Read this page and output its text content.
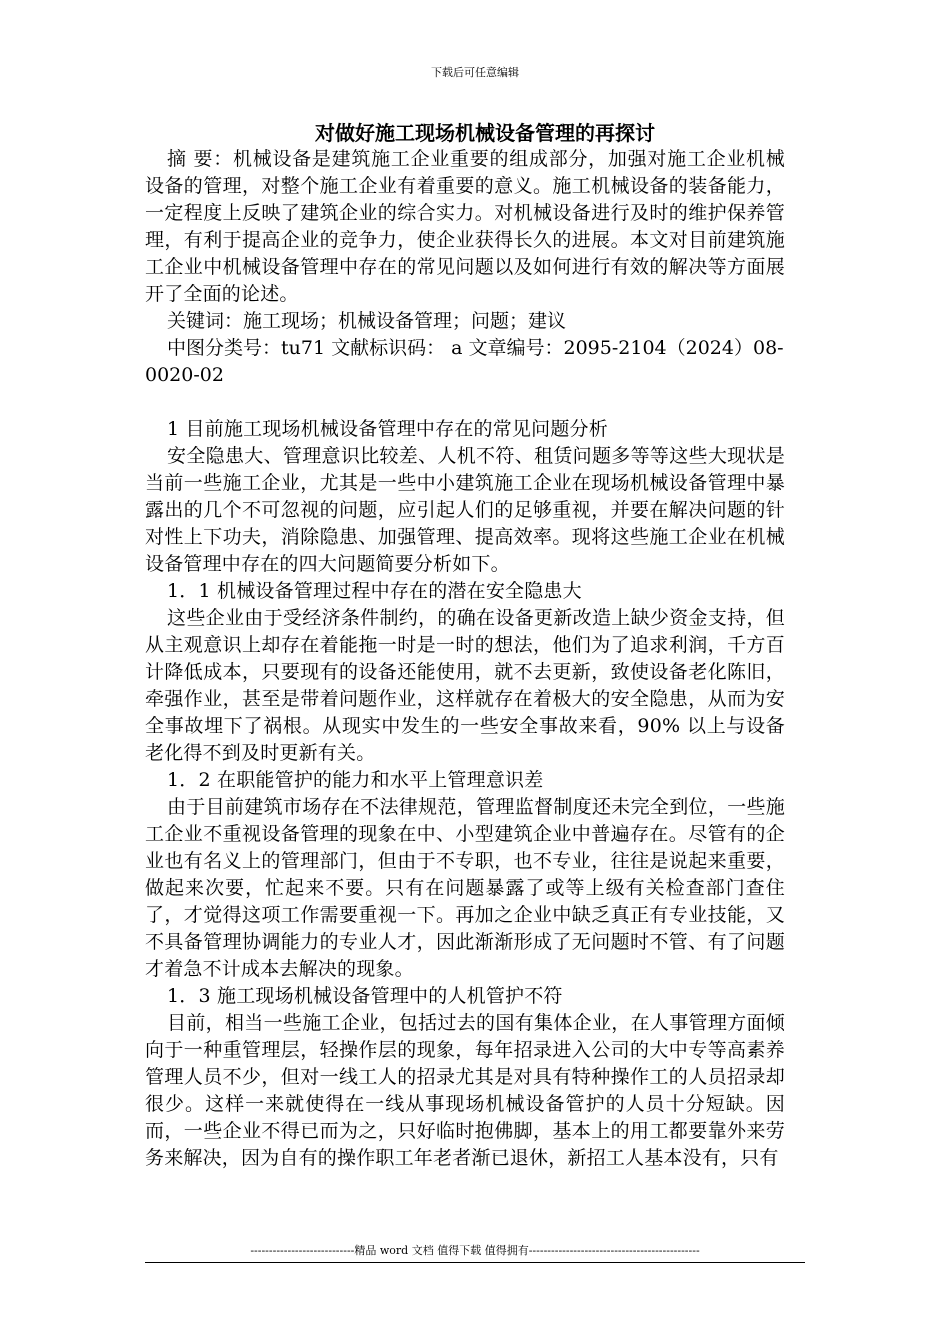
下载后可任意编辑
对做好施工现场机械设备管理的再探讨

摘 要：机械设备是建筑施工企业重要的组成部分，加强对施工企业机械设备的管理，对整个施工企业有着重要的意义。施工机械设备的装备能力，一定程度上反映了建筑企业的综合实力。对机械设备进行及时的维护保养管理，有利于提高企业的竞争力，使企业获得长久的进展。本文对目前建筑施工企业中机械设备管理中存在的常见问题以及如何进行有效的解决等方面展开了全面的论述。

关键词：施工现场；机械设备管理；问题；建议

中图分类号：tu71 文献标识码： a 文章编号：2095-2104（2024）08-0020-02

1 目前施工现场机械设备管理中存在的常见问题分析

安全隐患大、管理意识比较差、人机不符、租赁问题多等等这些大现状是当前一些施工企业，尤其是一些中小建筑施工企业在现场机械设备管理中暴露出的几个不可忽视的问题，应引起人们的足够重视，并要在解决问题的针对性上下功夫，消除隐患、加强管理、提高效率。现将这些施工企业在机械设备管理中存在的四大问题简要分析如下。

1．1 机械设备管理过程中存在的潜在安全隐患大

这些企业由于受经济条件制约，的确在设备更新改造上缺少资金支持，但从主观意识上却存在着能拖一时是一时的想法，他们为了追求利润，千方百计降低成本，只要现有的设备还能使用，就不去更新，致使设备老化陈旧，牵强作业，甚至是带着问题作业，这样就存在着极大的安全隐患，从而为安全事故埋下了祸根。从现实中发生的一些安全事故来看，90% 以上与设备老化得不到及时更新有关。

1．2 在职能管护的能力和水平上管理意识差

由于目前建筑市场存在不法律规范，管理监督制度还未完全到位，一些施工企业不重视设备管理的现象在中、小型建筑企业中普遍存在。尽管有的企业也有名义上的管理部门，但由于不专职，也不专业，往往是说起来重要，做起来次要，忙起来不要。只有在问题暴露了或等上级有关检查部门查住了，才觉得这项工作需要重视一下。再加之企业中缺乏真正有专业技能，又不具备管理协调能力的专业人才，因此渐渐形成了无问题时不管、有了问题才着急不计成本去解决的现象。

1．3 施工现场机械设备管理中的人机管护不符

目前，相当一些施工企业，包括过去的国有集体企业，在人事管理方面倾向于一种重管理层，轻操作层的现象，每年招录进入公司的大中专等高素养管理人员不少，但对一线工人的招录尤其是对具有特种操作工的人员招录却很少。这样一来就使得在一线从事现场机械设备管护的人员十分短缺。因而，一些企业不得已而为之，只好临时抱佛脚，基本上的用工都要靠外来劳务来解决，因为自有的操作职工年老者渐已退休，新招工人基本没有，只有

----------------------------精品 word 文档 值得下载 值得拥有----------------------------------------------
